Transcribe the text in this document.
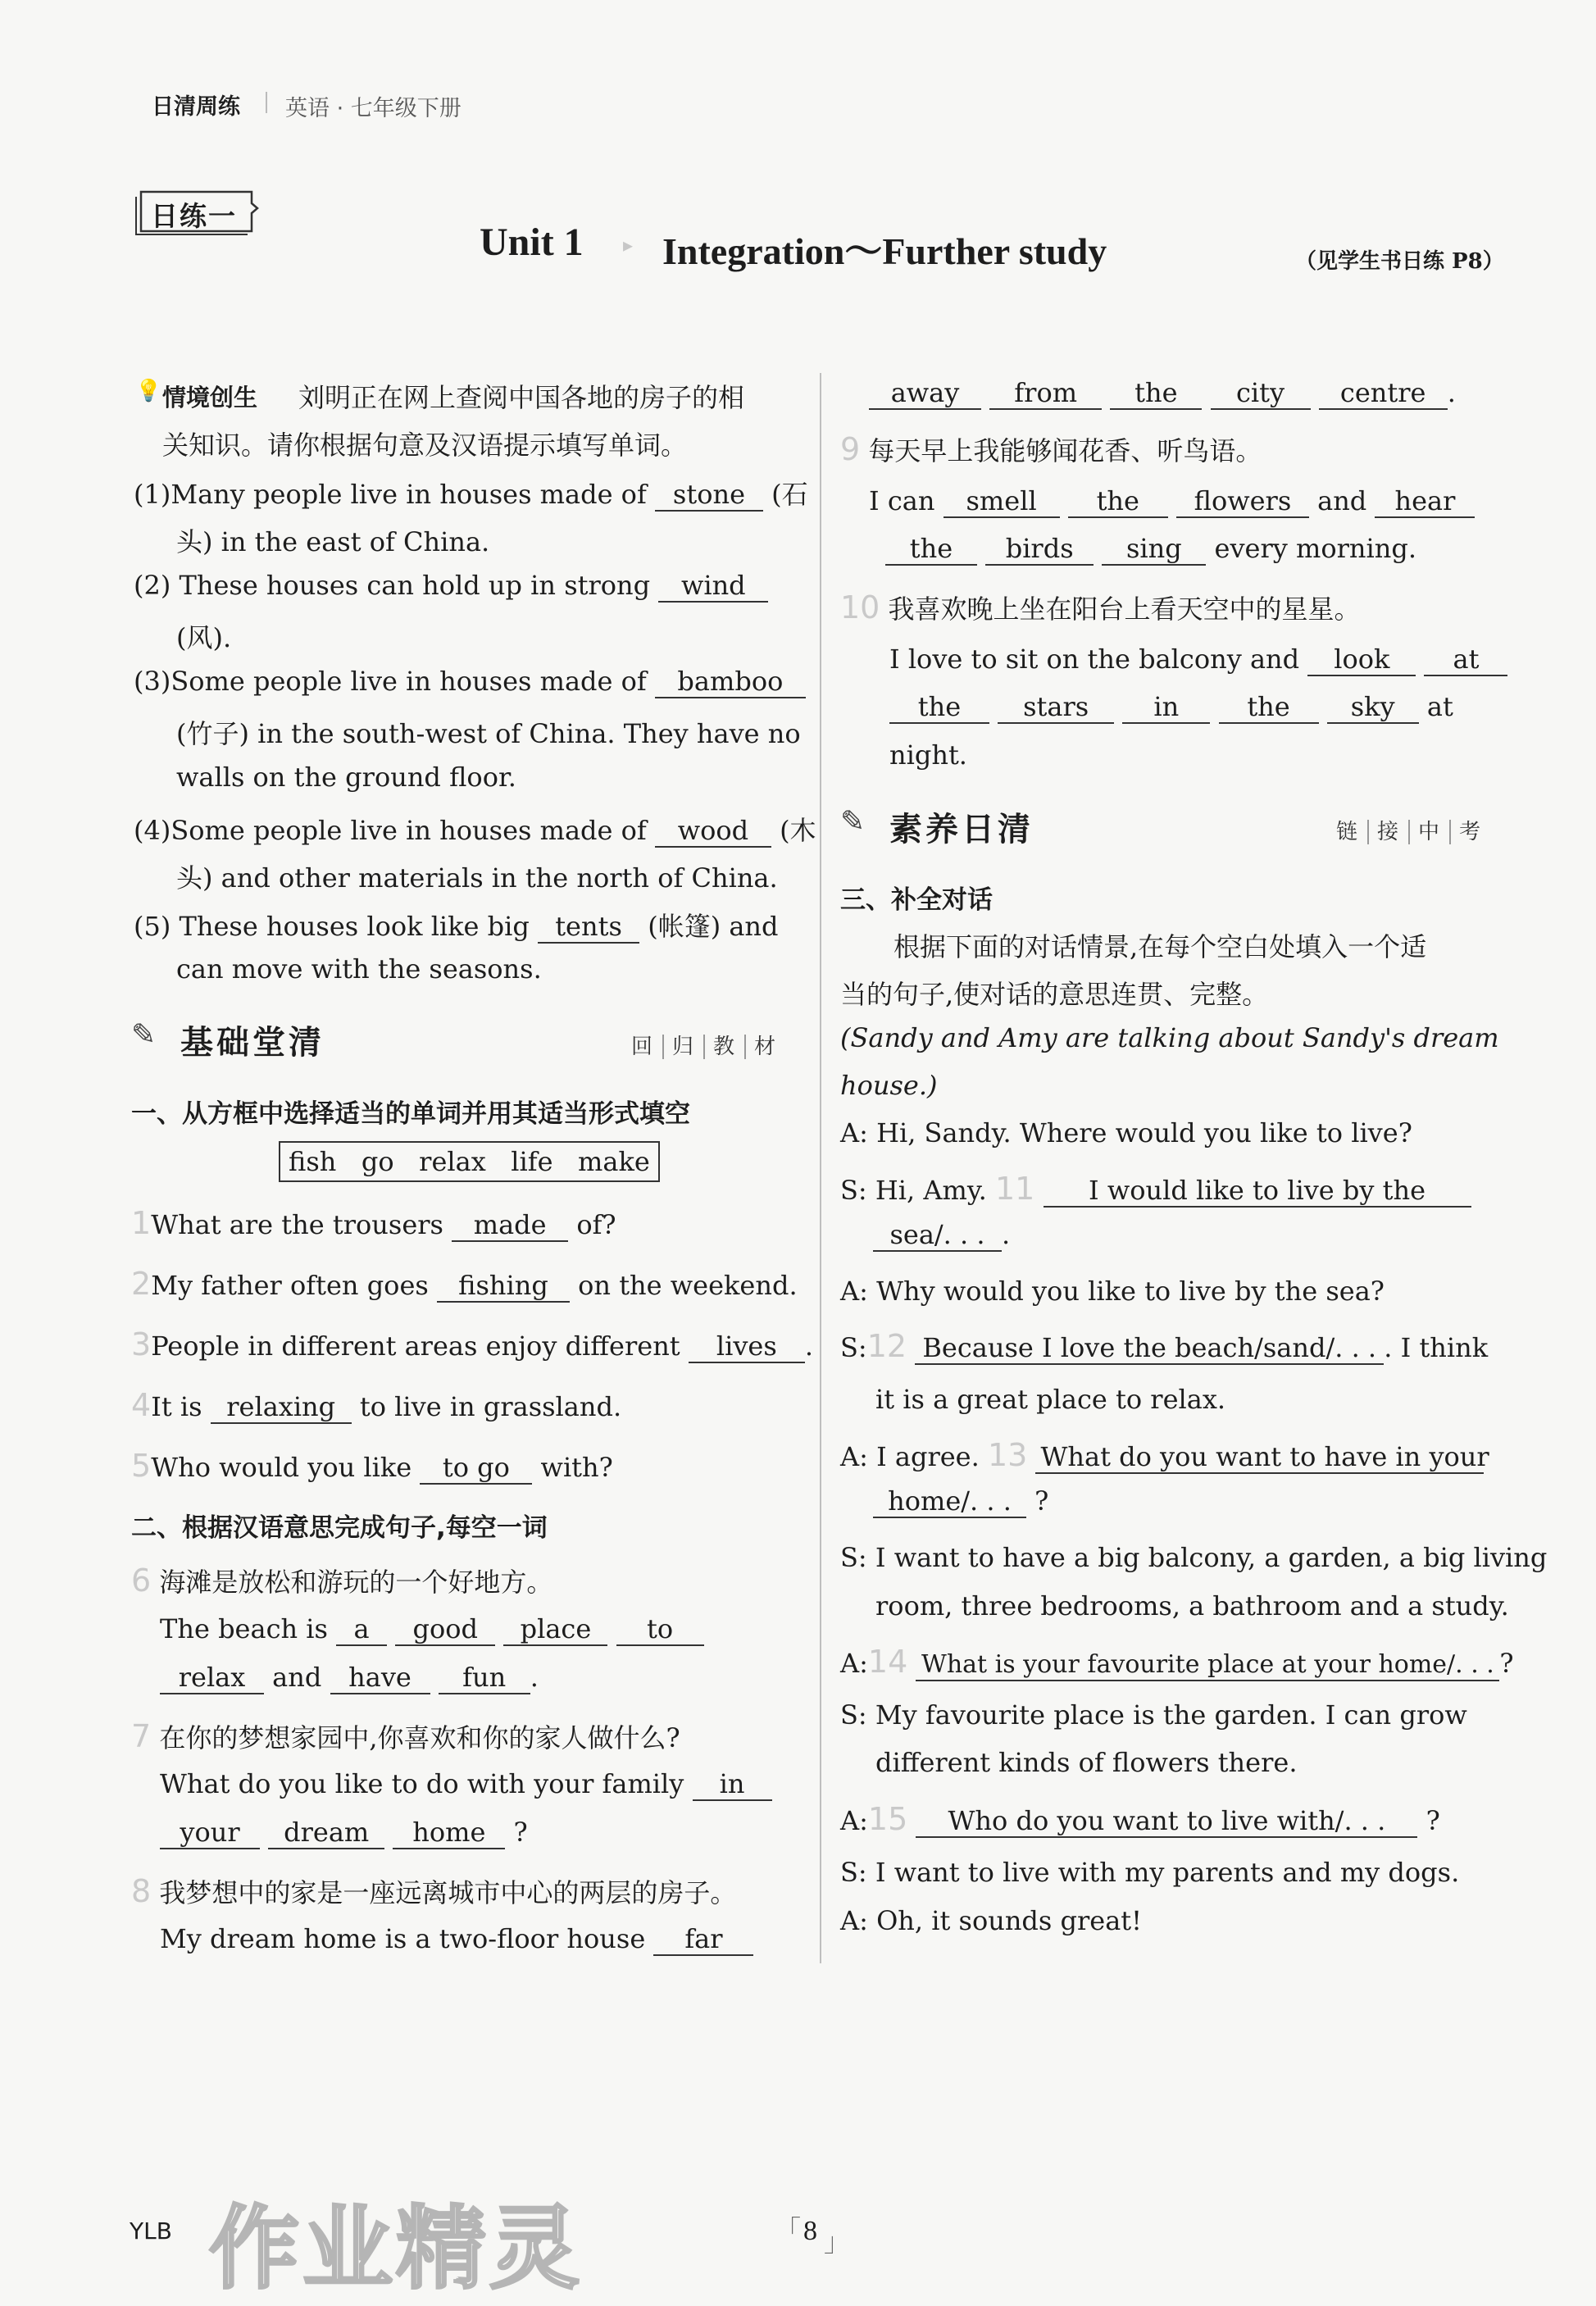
日清周练 英语 · 七年级下册
日练一
Unit 1 ▸ Integration～Further study	（见学生书日练 P8）
💡 情境创生 刘明正在网上查阅中国各地的房子的相
关知识。请你根据句意及汉语提示填写单词。
(1)Many people live in houses made of stone (石
头) in the east of China.
(2) These houses can hold up in strong wind
(风).
(3)Some people live in houses made of bamboo
(竹子) in the south-west of China. They have no
walls on the ground floor.
(4)Some people live in houses made of wood (木
头) and other materials in the north of China.
(5) These houses look like big tents (帐篷) and
can move with the seasons.
✎ 基础堂清	回 归 教 材
一、从方框中选择适当的单词并用其适当形式填空
fish   go   relax   life   make
1What are the trousers made of?
2My father often goes fishing on the weekend.
3People in different areas enjoy different lives .
4It is relaxing to live in grassland.
5Who would you like to go with?
二、根据汉语意思完成句子,每空一词
6 海滩是放松和游玩的一个好地方。
The beach is a good place to
relax and have fun .
7 在你的梦想家园中,你喜欢和你的家人做什么?
What do you like to do with your family in
your dream home ?
8 我梦想中的家是一座远离城市中心的两层的房子。
My dream home is a two-floor house far
away from the city centre .
9 每天早上我能够闻花香、听鸟语。
I can smell the flowers and hear
the birds sing every morning.
10 我喜欢晚上坐在阳台上看天空中的星星。
I love to sit on the balcony and look at
the stars in	the sky at
night.
✎ 素养日清	链 接 中 考
三、补全对话
根据下面的对话情景,在每个空白处填入一个适
当的句子,使对话的意思连贯、完整。
(Sandy and Amy are talking about Sandy's dream
house.)
A: Hi, Sandy. Where would you like to live?
S: Hi, Amy. 11 I would like to live by the
sea/. . . .
A: Why would you like to live by the sea?
S:12 Because I love the beach/sand/. . . . I think
it is a great place to relax.
A: I agree. 13 What do you want to have in your
home/. . . ?
S: I want to have a big balcony, a garden, a big living
room, three bedrooms, a bathroom and a study.
A:14 What is your favourite place at your home/. . . ?
S: My favourite place is the garden. I can grow
different kinds of flowers there.
A:15 Who do you want to live with/. . . ?
S: I want to live with my parents and my dogs.
A: Oh, it sounds great!
YLB 作业精灵	「 8 」
